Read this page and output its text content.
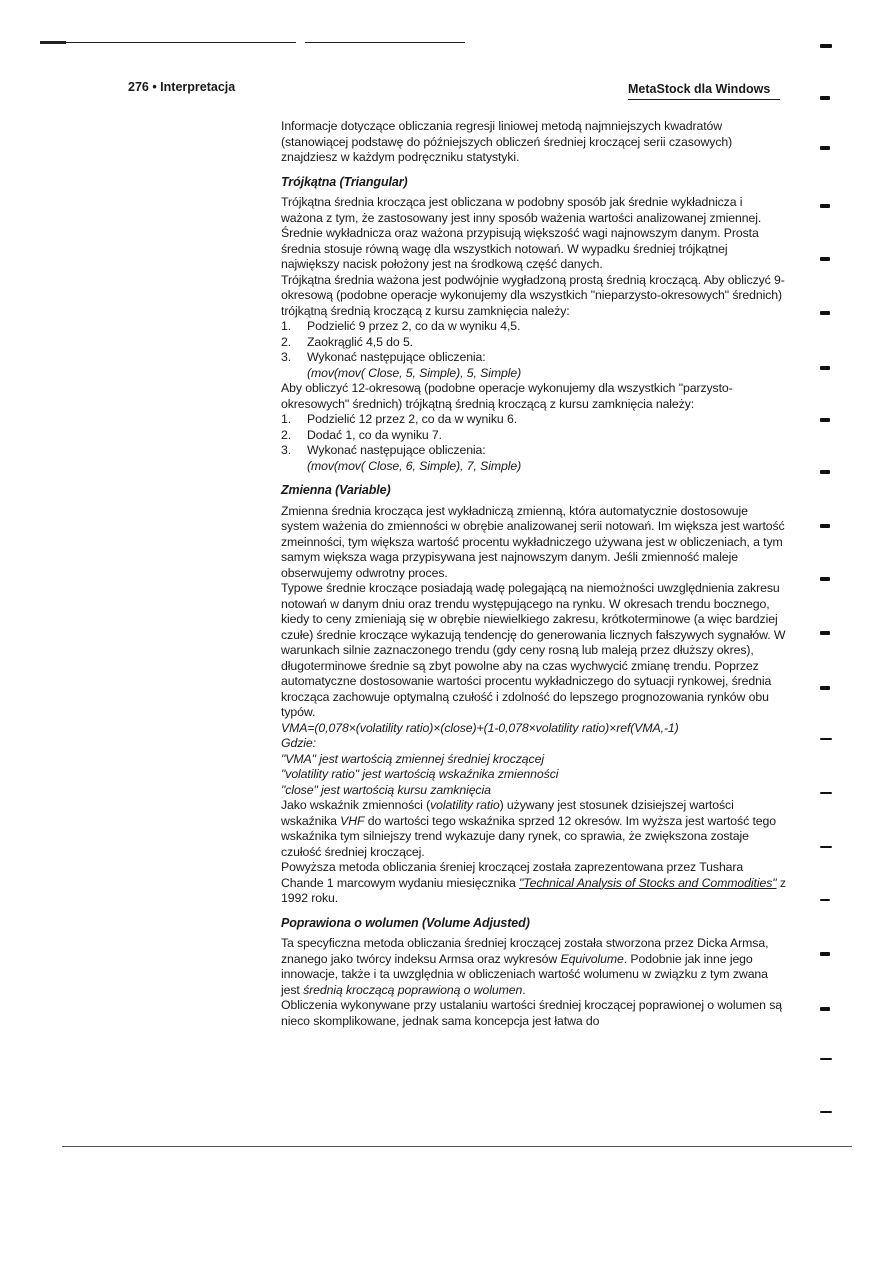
276 • Interpretacja	MetaStock dla Windows

Informacje dotyczące obliczania regresji liniowej metodą najmniejszych kwadratów (stanowiącej podstawę do późniejszych obliczeń średniej kroczącej serii czasowych) znajdziesz w każdym podręczniku statystyki.

Trójkątna (Triangular)

Trójkątna średnia krocząca jest obliczana w podobny sposób jak średnie wykładnicza i ważona z tym, że zastosowany jest inny sposób ważenia wartości analizowanej zmiennej. Średnie wykładnicza oraz ważona przypisują większość wagi najnowszym danym. Prosta średnia stosuje równą wagę dla wszystkich notowań. W wypadku średniej trójkątnej największy nacisk położony jest na środkową część danych.

Trójkątna średnia ważona jest podwójnie wygładzoną prostą średnią kroczącą. Aby obliczyć 9-okresową (podobne operacje wykonujemy dla wszystkich "nieparzysto-okresowych" średnich) trójkątną średnią kroczącą z kursu zamknięcia należy:

1. Podzielić 9 przez 2, co da w wyniku 4,5.
2. Zaokrąglić 4,5 do 5.
3. Wykonać następujące obliczenia:

(mov(mov( Close, 5, Simple), 5, Simple)

Aby obliczyć 12-okresową (podobne operacje wykonujemy dla wszystkich "parzysto-okresowych" średnich) trójkątną średnią kroczącą z kursu zamknięcia należy:

1. Podzielić 12 przez 2, co da w wyniku 6.
2. Dodać 1, co da wyniku 7.
3. Wykonać następujące obliczenia:

(mov(mov( Close, 6, Simple), 7, Simple)

Zmienna (Variable)

Zmienna średnia krocząca jest wykładniczą zmienną, która automatycznie dostosowuje system ważenia do zmienności w obrębie analizowanej serii notowań. Im większa jest wartość zmeinności, tym większa wartość procentu wykładniczego używana jest w obliczeniach, a tym samym większa waga przypisywana jest najnowszym danym. Jeśli zmienność maleje obserwujemy odwrotny proces.

Typowe średnie kroczące posiadają wadę polegającą na niemożności uwzględnienia zakresu notowań w danym dniu oraz trendu występującego na rynku. W okresach trendu bocznego, kiedy to ceny zmieniają się w obrębie niewielkiego zakresu, krótkoterminowe (a więc bardziej czułe) średnie kroczące wykazują tendencję do generowania licznych fałszywych sygnałów. W warunkach silnie zaznaczonego trendu (gdy ceny rosną lub maleją przez dłuższy okres), długoterminowe średnie są zbyt powolne aby na czas wychwycić zmianę trendu. Poprzez automatyczne dostosowanie wartości procentu wykładniczego do sytuacji rynkowej, średnia krocząca zachowuje optymalną czułość i zdolność do lepszego prognozowania rynków obu typów.

VMA=(0,078×(volatility ratio)×(close)+(1-0,078×volatility ratio)×ref(VMA,-1)

Gdzie:

"VMA" jest wartością zmiennej średniej kroczącej

"volatility ratio" jest wartością wskaźnika zmienności

"close" jest wartością kursu zamknięcia

Jako wskaźnik zmienności (volatility ratio) używany jest stosunek dzisiejszej wartości wskaźnika VHF do wartości tego wskaźnika sprzed 12 okresów. Im wyższa jest wartość tego wskaźnika tym silniejszy trend wykazuje dany rynek, co sprawia, że zwiększona zostaje czułość średniej kroczącej.

Powyższa metoda obliczania śreniej kroczącej została zaprezentowana przez Tushara Chande 1 marcowym wydaniu miesięcznika "Technical Analysis of Stocks and Commodities" z 1992 roku.

Poprawiona o wolumen (Volume Adjusted)

Ta specyficzna metoda obliczania średniej kroczącej została stworzona przez Dicka Armsa, znanego jako twórcy indeksu Armsa oraz wykresów Equivolume. Podobnie jak inne jego innowacje, także i ta uwzględnia w obliczeniach wartość wolumenu w związku z tym zwana jest średnią kroczącą poprawioną o wolumen.

Obliczenia wykonywane przy ustalaniu wartości średniej kroczącej poprawionej o wolumen są nieco skomplikowane, jednak sama koncepcja jest łatwa do
